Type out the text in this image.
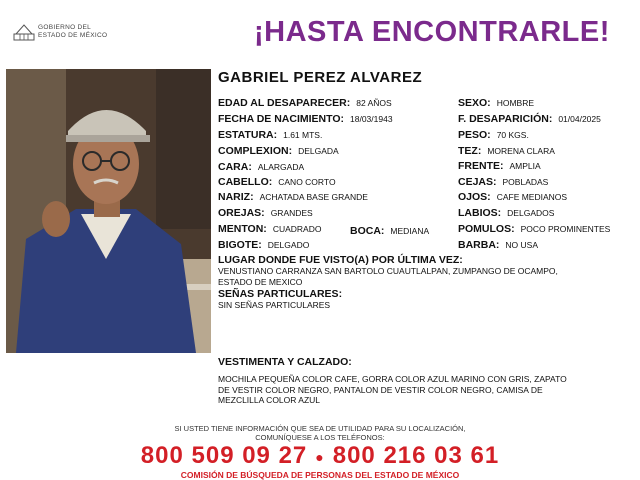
GOBIERNO DEL
ESTADO DE MÉXICO	¡HASTA ENCONTRARLE!
GABRIEL PEREZ ALVAREZ
EDAD AL DESAPARECER: 82 AÑOS
FECHA DE NACIMIENTO: 18/03/1943
ESTATURA: 1.61 MTS.
COMPLEXION: DELGADA
CARA: ALARGADA
CABELLO: CANO CORTO
NARIZ: ACHATADA BASE GRANDE
OREJAS: GRANDES
MENTON: CUADRADO	BOCA: MEDIANA
BIGOTE: DELGADO
SEXO: HOMBRE
F. DESAPARICIÓN: 01/04/2025
PESO: 70 KGS.
TEZ: MORENA CLARA
FRENTE: AMPLIA
CEJAS: POBLADAS
OJOS: CAFE MEDIANOS
LABIOS: DELGADOS
POMULOS: POCO PROMINENTES
BARBA: NO USA
LUGAR DONDE FUE VISTO(A) POR ÚLTIMA VEZ:
VENUSTIANO CARRANZA SAN BARTOLO CUAUTLALPAN, ZUMPANGO DE OCAMPO,
ESTADO DE MEXICO
SEÑAS PARTICULARES:
SIN SEÑAS PARTICULARES
VESTIMENTA Y CALZADO:
MOCHILA PEQUEÑA COLOR CAFE, GORRA COLOR AZUL MARINO CON GRIS, ZAPATO
DE VESTIR COLOR NEGRO, PANTALON DE VESTIR COLOR NEGRO, CAMISA DE
MEZCLILLA COLOR AZUL
SI USTED TIENE INFORMACIÓN QUE SEA DE UTILIDAD PARA SU LOCALIZACIÓN,
COMUNÍQUESE A LOS TELÉFONOS:
800 509 09 27 ● 800 216 03 61
COMISIÓN DE BÚSQUEDA DE PERSONAS DEL ESTADO DE MÉXICO
